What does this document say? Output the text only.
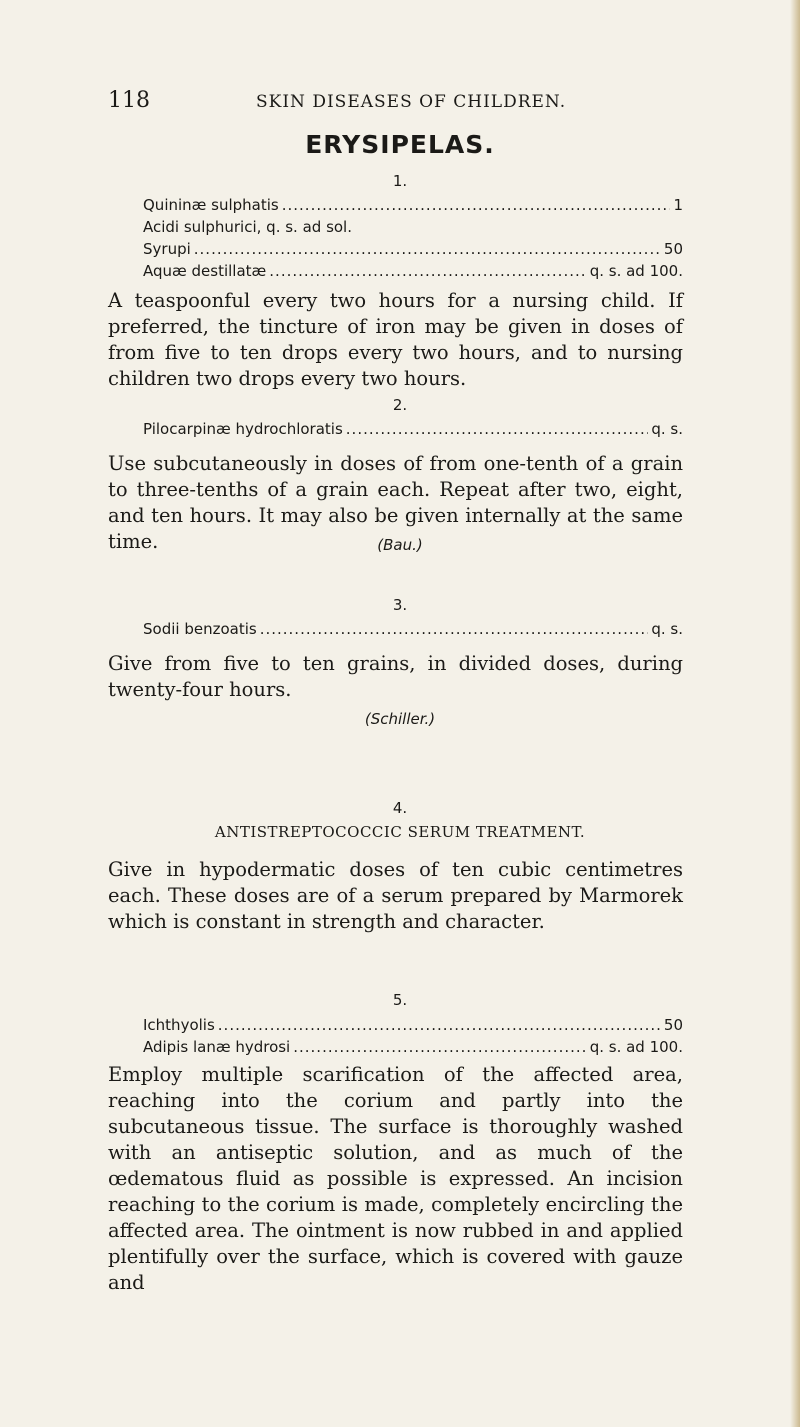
118	SKIN DISEASES OF CHILDREN.
ERYSIPELAS.
1.
Quininæ sulphatis .....	1
Acidi sulphurici, q. s. ad sol.
Syrupi .....	50
Aquæ destillatæ .....	q. s. ad 100.

A teaspoonful every two hours for a nursing child. If preferred, the tincture of iron may be given in doses of from five to ten drops every two hours, and to nursing children two drops every two hours.

2.
Pilocarpinæ hydrochloratis .....	q. s.

Use subcutaneously in doses of from one-tenth of a grain to three-tenths of a grain each. Repeat after two, eight, and ten hours. It may also be given internally at the same time.	(Bau.)
3.
Sodii benzoatis .....	q. s.

Give from five to ten grains, in divided doses, during twenty-four hours.

(Schiller.)
4.
ANTISTREPTOCOCCIC SERUM TREATMENT.

Give in hypodermatic doses of ten cubic centimetres each. These doses are of a serum prepared by Marmorek which is constant in strength and character.

5.
Ichthyolis .....	50
Adipis lanæ hydrosi .....	q. s. ad 100.

Employ multiple scarification of the affected area, reaching into the corium and partly into the subcutaneous tissue. The surface is thoroughly washed with an antiseptic solution, and as much of the œdematous fluid as possible is expressed. An incision reaching to the corium is made, completely encircling the affected area. The ointment is now rubbed in and applied plentifully over the surface, which is covered with gauze and
